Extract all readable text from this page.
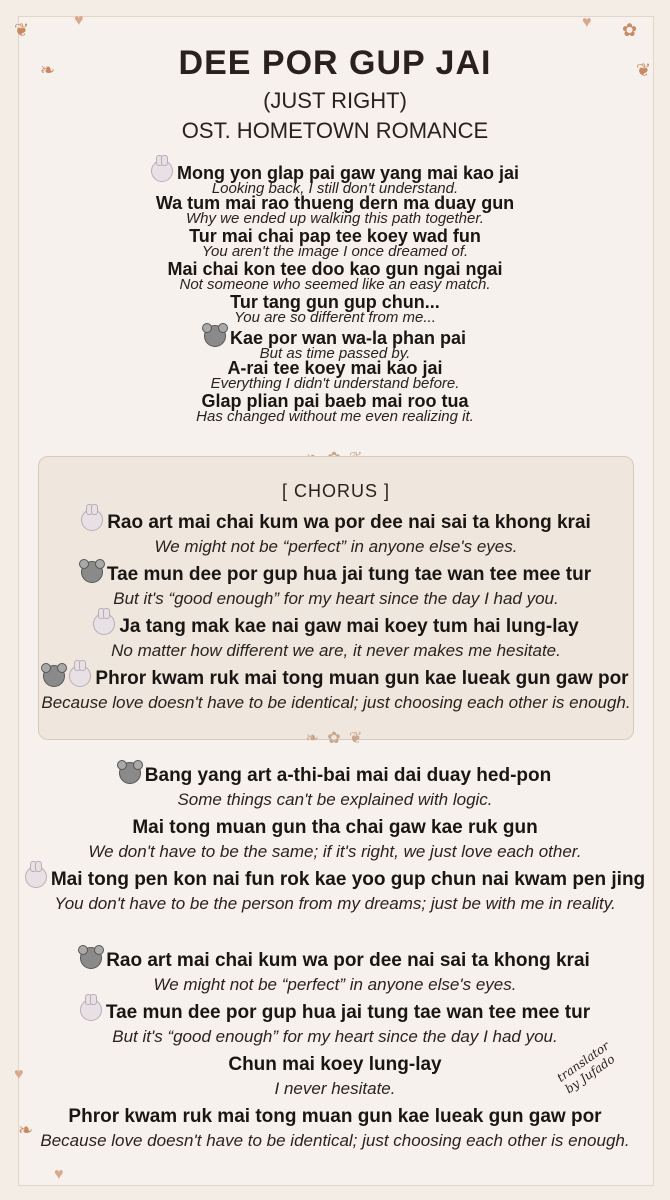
❦
❧
♥	♥ ✿
❦
♥
❧
♥
DEE POR GUP JAI
(JUST RIGHT)
OST. HOMETOWN ROMANCE
Mong yon glap pai gaw yang mai kao jai
Looking back, I still don't understand.
Wa tum mai rao thueng dern ma duay gun
Why we ended up walking this path together.
Tur mai chai pap tee koey wad fun
You aren't the image I once dreamed of.
Mai chai kon tee doo kao gun ngai ngai
Not someone who seemed like an easy match.
Tur tang gun gup chun...
You are so different from me...
Kae por wan wa-la phan pai
But as time passed by.
A-rai tee koey mai kao jai
Everything I didn't understand before.
Glap plian pai baeb mai roo tua
Has changed without me even realizing it.
[ CHORUS ]
Rao art mai chai kum wa por dee nai sai ta khong krai
We might not be “perfect” in anyone else's eyes.
Tae mun dee por gup hua jai tung tae wan tee mee tur
But it's “good enough” for my heart since the day I had you.
Ja tang mak kae nai gaw mai koey tum hai lung-lay
No matter how different we are, it never makes me hesitate.
Phror kwam ruk mai tong muan gun kae lueak gun gaw por
Because love doesn't have to be identical; just choosing each other is enough.
❧ ✿ ❦
Bang yang art a-thi-bai mai dai duay hed-pon
Some things can't be explained with logic.
Mai tong muan gun tha chai gaw kae ruk gun
We don't have to be the same; if it's right, we just love each other.
Mai tong pen kon nai fun rok kae yoo gup chun nai kwam pen jing
You don't have to be the person from my dreams; just be with me in reality.
Rao art mai chai kum wa por dee nai sai ta khong krai
We might not be “perfect” in anyone else's eyes.
Tae mun dee por gup hua jai tung tae wan tee mee tur
But it's “good enough” for my heart since the day I had you.
Chun mai koey lung-lay
I never hesitate.
Phror kwam ruk mai tong muan gun kae lueak gun gaw por
Because love doesn't have to be identical; just choosing each other is enough.
translator by Jufado
